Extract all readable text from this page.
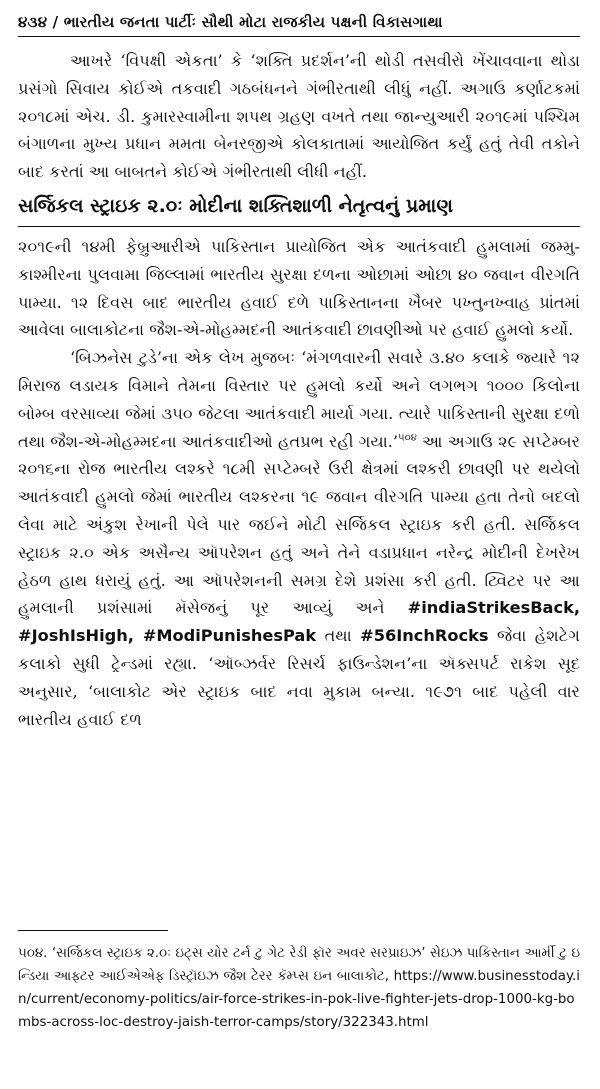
૪૩૪ / ભારતીય જનતા પાર્ટીઃ સૌથી મોટા રાજકીય પક્ષની વિકાસગાથા

આખરે ‘વિપક્ષી એકતા’ કે ‘શક્તિ પ્રદર્શન’ની થોડી તસવીરો ખેંચાવવાના થોડા પ્રસંગો સિવાય કોઈએ તકવાદી ગઠબંધનને ગંભીરતાથી લીધું નહીં. અગાઉ કર્ણાટકમાં ૨૦૧૮માં એચ. ડી. કુમારસ્વામીના શપથ ગ્રહણ વખતે તથા જાન્યુઆરી ૨૦૧૯માં પશ્ચિમ બંગાળના મુખ્ય પ્રધાન મમતા બેનરજીએ કોલકાતામાં આયોજિત કર્યું હતું તેવી તકોને બાદ કરતાં આ બાબતને કોઈએ ગંભીરતાથી લીધી નહીં.

સર્જિકલ સ્ટ્રાઇક ૨.૦ઃ મોદીના શક્તિશાળી નેતૃત્વનું પ્રમાણ

૨૦૧૯ની ૧૪મી ફેબ્રુઆરીએ પાકિસ્તાન પ્રાયોજિત એક આતંકવાદી હુમલામાં જમ્મુ-કાશ્મીરના પુલવામા જિલ્લામાં ભારતીય સુરક્ષા દળના ઓછામાં ઓછા ૪૦ જવાન વીરગતિ પામ્યા. ૧૨ દિવસ બાદ ભારતીય હવાઈ દળે પાકિસ્તાનના ખૈબર પખ્તુનખ્વાહ પ્રાંતમાં આવેલા બાલાકોટના જૈશ-એ-મોહમ્મદની આતંકવાદી છાવણીઓ પર હવાઈ હુમલો કર્યો.

‘બિઝનેસ ટુડે’ના એક લેખ મુજબઃ ‘મંગળવારની સવારે ૩.૪૦ કલાકે જ્યારે ૧૨ મિરાજ લડાયક વિમાને તેમના વિસ્તાર પર હુમલો કર્યો અને લગભગ ૧૦૦૦ કિલોના બોમ્બ વરસાવ્યા જેમાં ૩૫૦ જેટલા આતંકવાદી માર્યા ગયા. ત્યારે પાકિસ્તાની સુરક્ષા દળો તથા જૈશ-એ-મોહમ્મદના આતંકવાદીઓ હતપ્રભ રહી ગયા.’$^{૫૦૪}$ આ અગાઉ ૨૯ સપ્ટેમ્બર ૨૦૧૬ના રોજ ભારતીય લશ્કરે ૧૮મી સપ્ટેમ્બરે ઉરી ક્ષેત્રમાં લશ્કરી છાવણી પર થયેલો આતંકવાદી હુમલો જેમાં ભારતીય લશ્કરના ૧૯ જવાન વીરગતિ પામ્યા હતા તેનો બદલો લેવા માટે અંકુશ રેખાની પેલે પાર જઈને મોટી સર્જિકલ સ્ટ્રાઇક કરી હતી. સર્જિકલ સ્ટ્રાઇક ૨.૦ એક અસૈન્ય ઑપરેશન હતું અને તેને વડાપ્રધાન નરેન્દ્ર મોદીની દેખરેખ હેઠળ હાથ ધરાયું હતું. આ ઑપરેશનની સમગ્ર દેશે પ્રશંસા કરી હતી. ટ્વિટર પર આ હુમલાની પ્રશંસામાં મૅસેજનું પૂર આવ્યું અને #indiaStrikesBack, #JoshIsHigh, #ModiPunishesPak તથા #56InchRocks જેવા હેશટેગ કલાકો સુધી ટ્રેન્ડમાં રહ્યા. ‘ઑબ્ઝર્વર રિસર્ચ ફાઉન્ડેશન’ના ઍક્સપર્ટ રાકેશ સૂદ અનુસાર, ‘બાલાકોટ એર સ્ટ્રાઇક બાદ નવા મુકામ બન્યા. ૧૯૭૧ બાદ પહેલી વાર ભારતીય હવાઈ દળ

૫૦૪. ‘સર્જિકલ સ્ટ્રાઇક ૨.૦ઃ ઇટ્સ યોર ટર્ન ટુ ગેટ રેડી ફૉર અવર સરપ્રાઇઝ’ સેઇઝ પાકિસ્તાન આર્મી ટુ ઇન્ડિયા આફ્ટર આઈએએફ ડિસ્ટ્રૉઇઝ જૈશ ટેરર કૅમ્પ્સ ઇન બાલાકોટ, https://www.businesstoday.in/current/economy-politics/air-force-strikes-in-pok-live-fighter-jets-drop-1000-kg-bombs-across-loc-destroy-jaish-terror-camps/story/322343.html
